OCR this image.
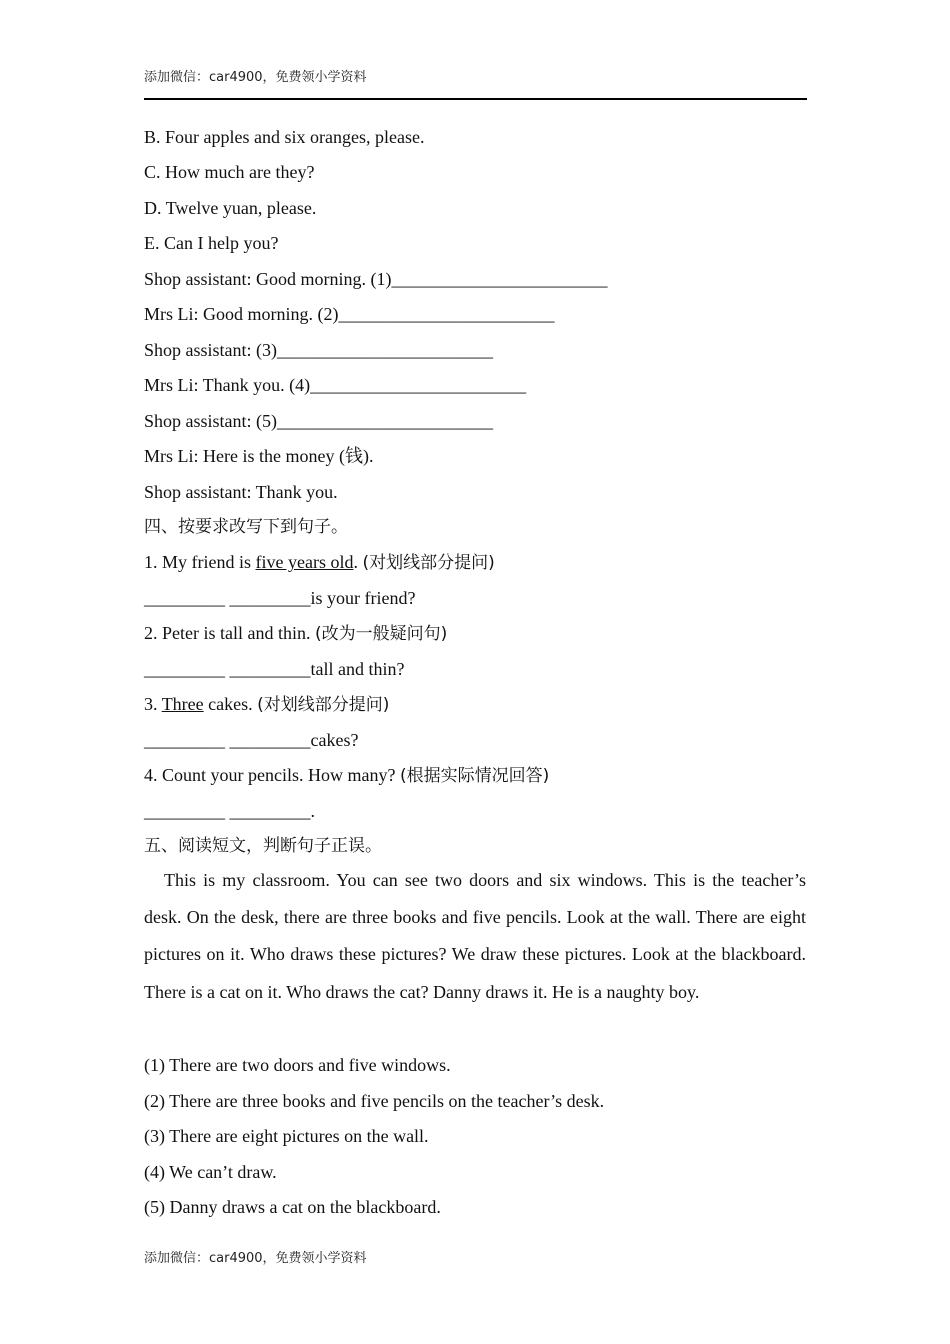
添加微信：car4900，免费领小学资料
B. Four apples and six oranges, please.
C. How much are they?
D. Twelve yuan, please.
E. Can I help you?
Shop assistant: Good morning. (1)________________________
Mrs Li: Good morning. (2)________________________
Shop assistant: (3)________________________
Mrs Li: Thank you. (4)________________________
Shop assistant: (5)________________________
Mrs Li: Here is the money (钱).
Shop assistant: Thank you.
四、按要求改写下到句子。
1. My friend is five years old. (对划线部分提问)
_________ _________is your friend?
2. Peter is tall and thin. (改为一般疑问句)
_________ _________tall and thin?
3. Three cakes. (对划线部分提问)
_________ _________cakes?
4. Count your pencils. How many? (根据实际情况回答)
_________ _________.
五、阅读短文，判断句子正误。
This is my classroom. You can see two doors and six windows. This is the teacher’s desk. On the desk, there are three books and five pencils. Look at the wall. There are eight pictures on it. Who draws these pictures? We draw these pictures. Look at the blackboard. There is a cat on it. Who draws the cat? Danny draws it. He is a naughty boy.
(1) There are two doors and five windows.
(2) There are three books and five pencils on the teacher’s desk.
(3) There are eight pictures on the wall.
(4) We can’t draw.
(5) Danny draws a cat on the blackboard.
添加微信：car4900，免费领小学资料
